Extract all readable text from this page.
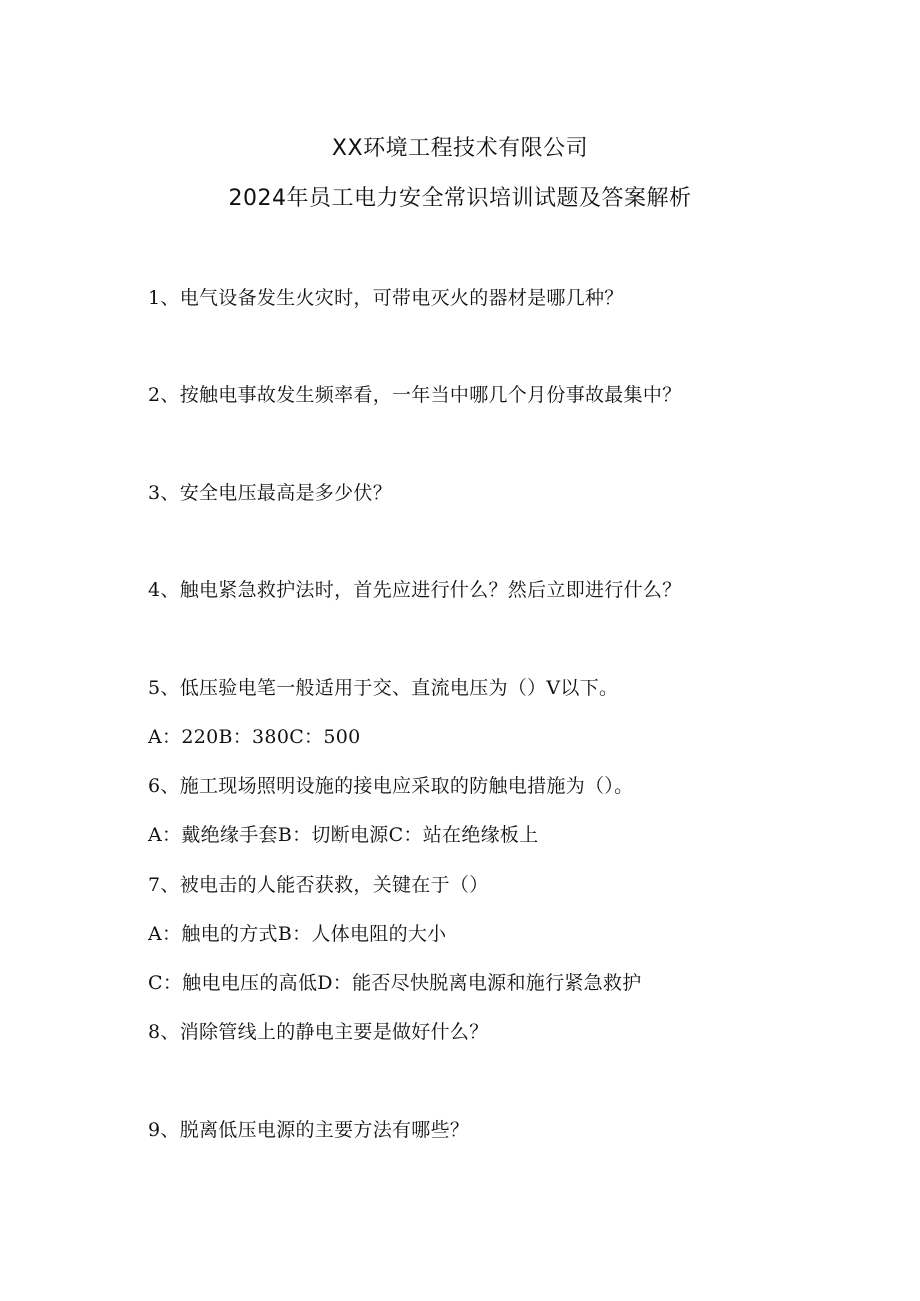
XX环境工程技术有限公司
2024年员工电力安全常识培训试题及答案解析
1、电气设备发生火灾时，可带电灭火的器材是哪几种？
2、按触电事故发生频率看，一年当中哪几个月份事故最集中？
3、安全电压最高是多少伏？
4、触电紧急救护法时，首先应进行什么？然后立即进行什么？
5、低压验电笔一般适用于交、直流电压为（）V以下。
A：220B：380C：500
6、施工现场照明设施的接电应采取的防触电措施为（）。
A：戴绝缘手套B：切断电源C：站在绝缘板上
7、被电击的人能否获救，关键在于（）
A：触电的方式B：人体电阻的大小
C：触电电压的高低D：能否尽快脱离电源和施行紧急救护
8、消除管线上的静电主要是做好什么？
9、脱离低压电源的主要方法有哪些？
